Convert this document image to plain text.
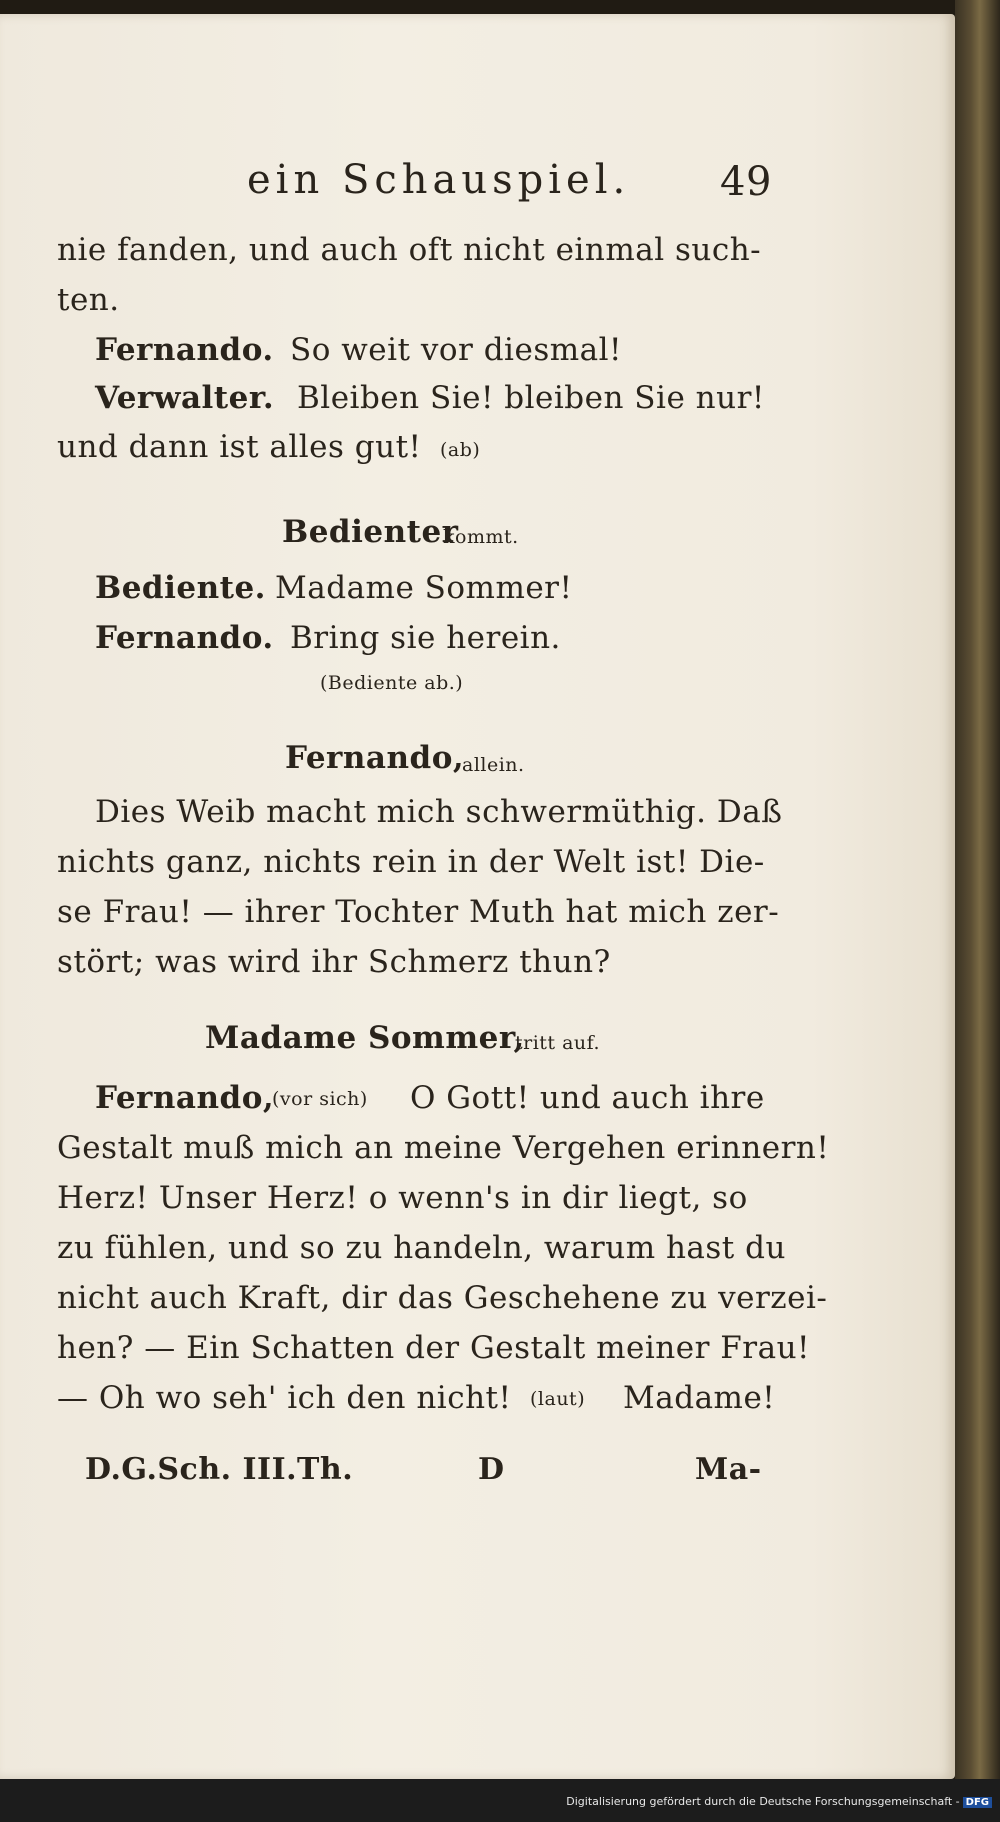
ein Schauspiel. 49
nie fanden, und auch oft nicht einmal such-
ten.
Fernando. So weit vor diesmal!
Verwalter. Bleiben Sie! bleiben Sie nur!
und dann ist alles gut! (ab)
Bedienter
kommt.
Bediente. Madame Sommer!
Fernando. Bring sie herein.
(Bediente ab.)
Fernando,
allein.
Dies Weib macht mich schwermüthig. Daß
nichts ganz, nichts rein in der Welt ist! Die-
se Frau! — ihrer Tochter Muth hat mich zer-
stört; was wird ihr Schmerz thun?
Madame Sommer,
tritt auf.
Fernando,
(vor sich) O Gott! und auch ihre
Gestalt muß mich an meine Vergehen erinnern!
Herz! Unser Herz! o wenn's in dir liegt, so
zu fühlen, und so zu handeln, warum hast du
nicht auch Kraft, dir das Geschehene zu verzei-
hen? — Ein Schatten der Gestalt meiner Frau!
— Oh wo seh' ich den nicht! (laut) Madame!
D.G.Sch. III.Th.	D	Ma-
Digitalisierung gefördert durch die Deutsche Forschungsgemeinschaft - DFG
